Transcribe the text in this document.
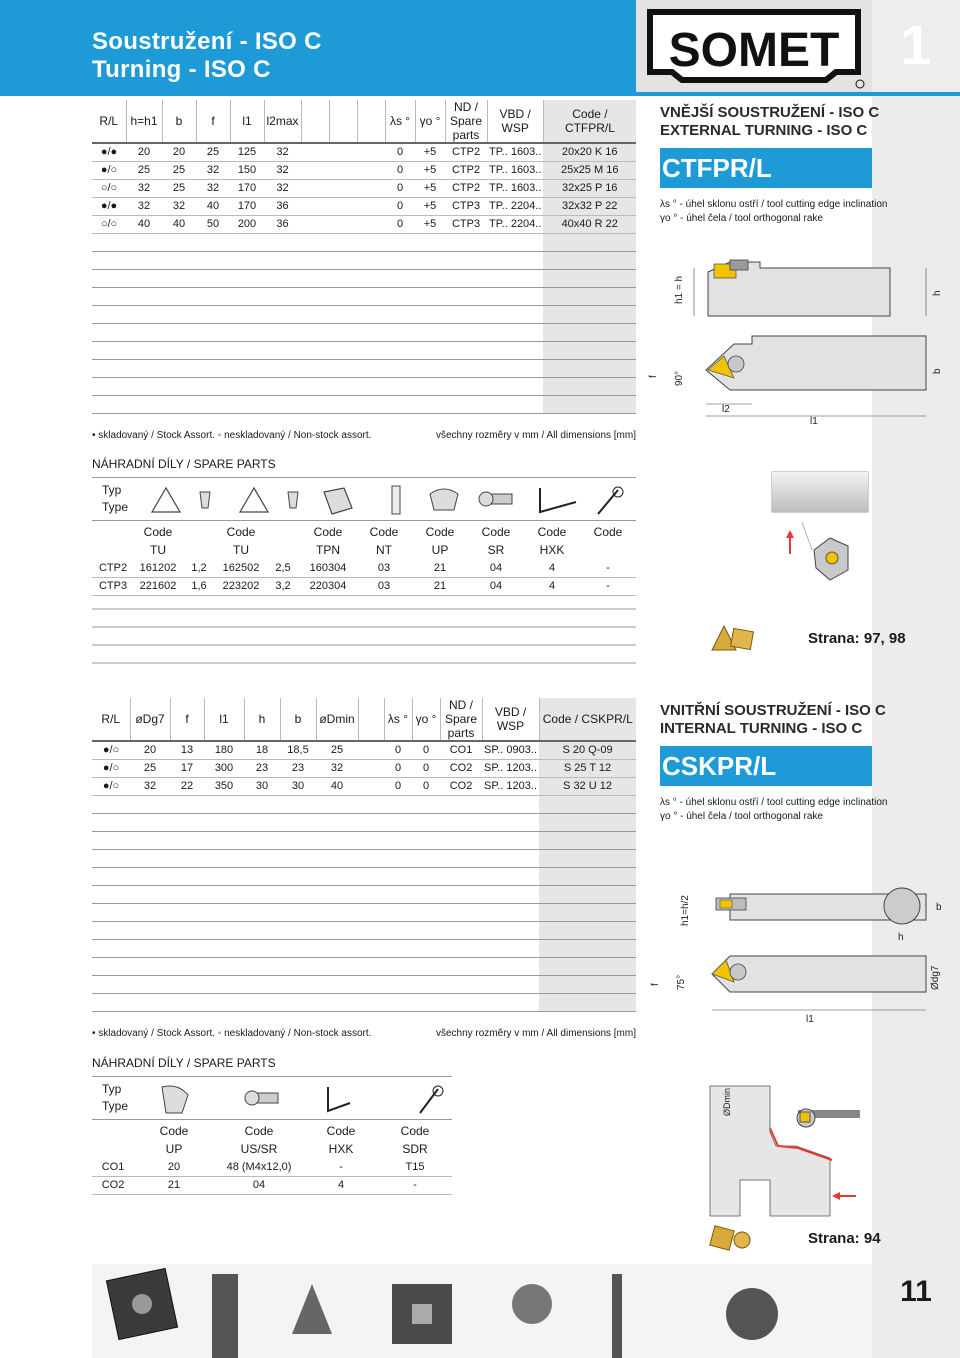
Soustružení - ISO C
Turning - ISO C	SOMET	1
R/L	h=h1	b	f	l1	l2max				λs °	γo °	ND / Spare parts	VBD / WSP	Code / CTFPR/L
●/●	20	20	25	125	32				0	+5	CTP2	TP.. 1603..	20x20 K 16
●/○	25	25	32	150	32				0	+5	CTP2	TP.. 1603..	25x25 M 16
○/○	32	25	32	170	32				0	+5	CTP2	TP.. 1603..	32x25 P 16
●/●	32	32	40	170	36				0	+5	CTP3	TP.. 2204..	32x32 P 22
○/○	40	40	50	200	36				0	+5	CTP3	TP.. 2204..	40x40 R 22

• skladovaný / Stock Assort. ◦ neskladovaný / Non-stock assort.	všechny rozměry v mm / All dimensions [mm]
VNĚJŠÍ SOUSTRUŽENÍ - ISO C
EXTERNAL TURNING - ISO C
CTFPR/L
λs ° - úhel sklonu ostří / tool cutting edge inclination
γo ° - úhel čela / tool orthogonal rake
h1 = h	h
f 90°	b
l2
l1
NÁHRADNÍ DÍLY / SPARE PARTS
Typ
Type
	Code		Code		Code	Code	Code	Code	Code	Code
	TU		TU		TPN	NT	UP	SR	HXK	
CTP2	161202	1,2	162502	2,5	160304	03	21	04	4	-
CTP3	221602	1,6	223202	3,2	220304	03	21	04	4	-
Strana: 97, 98
R/L	øDg7	f	l1	h	b	øDmin		λs °	γo °	ND / Spare parts	VBD / WSP	Code / CSKPR/L
●/○	20	13	180	18	18,5	25		0	0	CO1	SP.. 0903..	S 20 Q-09
●/○	25	17	300	23	23	32		0	0	CO2	SP.. 1203..	S 25 T 12
●/○	32	22	350	30	30	40		0	0	CO2	SP.. 1203..	S 32 U 12

• skladovaný / Stock Assort. ◦ neskladovaný / Non-stock assort.	všechny rozměry v mm / All dimensions [mm]
VNITŘNÍ SOUSTRUŽENÍ - ISO C
INTERNAL TURNING - ISO C
CSKPR/L
λs ° - úhel sklonu ostří / tool cutting edge inclination
γo ° - úhel čela / tool orthogonal rake
h1=h/2	b
h
f 75°	Ødg7
l1
NÁHRADNÍ DÍLY / SPARE PARTS
Typ
Type
	Code	Code	Code	Code
	UP	US/SR	HXK	SDR
CO1	20	48 (M4x12,0)	-	T15
CO2	21	04	4	-
ØDmin
Strana: 94
11
